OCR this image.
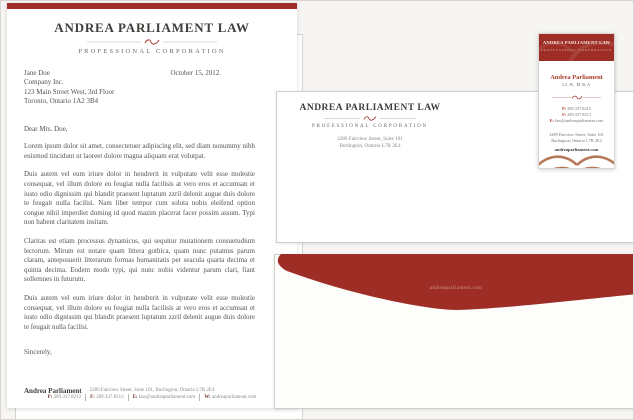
ANDREA PARLIAMENT LAW
PROFESSIONAL CORPORATION
Jane Doe
Company Inc.
123 Main Street West, 3rd Floor
Toronto, Ontario 1A2 3B4
October 15, 2012.
Dear Mrs. Doe,

Lorem ipsum dolor sit amet, consectetuer adipiscing elit, sed diam nonummy nibh euismod tincidunt ut laoreet dolore magna aliquam erat volutpat.

Duis autem vel eum iriure dolor in hendrerit in vulputate velit esse molestie consequat, vel illum dolore eu feugiat nulla facilisis at vero eros et accumsan et iusto odio dignissim qui blandit praesent luptatum zzril delenit augue duis dolore te feugait nulla facilisi. Nam liber tempor cum soluta nobis eleifend option congue nihil imperdiet doming id quod mazim placerat facer possim assum. Typi non habent claritatem insitam.

Claritas est etiam processus dynamicus, qui sequitur mutationem consuetudium lectorum. Mirum est notare quam littera gothica, quam nunc putamus parum claram, anteposuerit litterarum formas humanitatis per seacula quarta decima et quinta decima. Eodem modo typi, qui nunc nobis videntur parum clari, fiant sollemnes in futurum.

Duis autem vel eum iriure dolor in hendrerit in vulputate velit esse molestie consequat, vel illum dolore eu feugiat nulla facilisis at vero eros et accumsan et iusto odio dignissim qui blandit praesent luptatum zzril delenit augue duis dolore te feugait nulla facilisi.

Sincerely,
Andrea Parliament	2289 Fairview Street, Suite 101, Burlington, Ontario L7R 2E4
P: 289.337.8212 F: 289.337.8213 E: law@andreaparliament.com W: andreaparliament.com
ANDREA PARLIAMENT LAW
PROFESSIONAL CORPORATION
2289 Fairview Street, Suite 101
Burlington, Ontario L7R 2E4
andreaparliament.com
ANDREA PARLIAMENT LAW
PROFESSIONAL CORPORATION
Andrea Parliament
LL.B, M.B.A
P: 289.337.8212
F: 289.337.8213
E: law@andreaparliament.com
2289 Fairview Street, Suite 101
Burlington, Ontario L7R 2E4
andreaparliament.com
